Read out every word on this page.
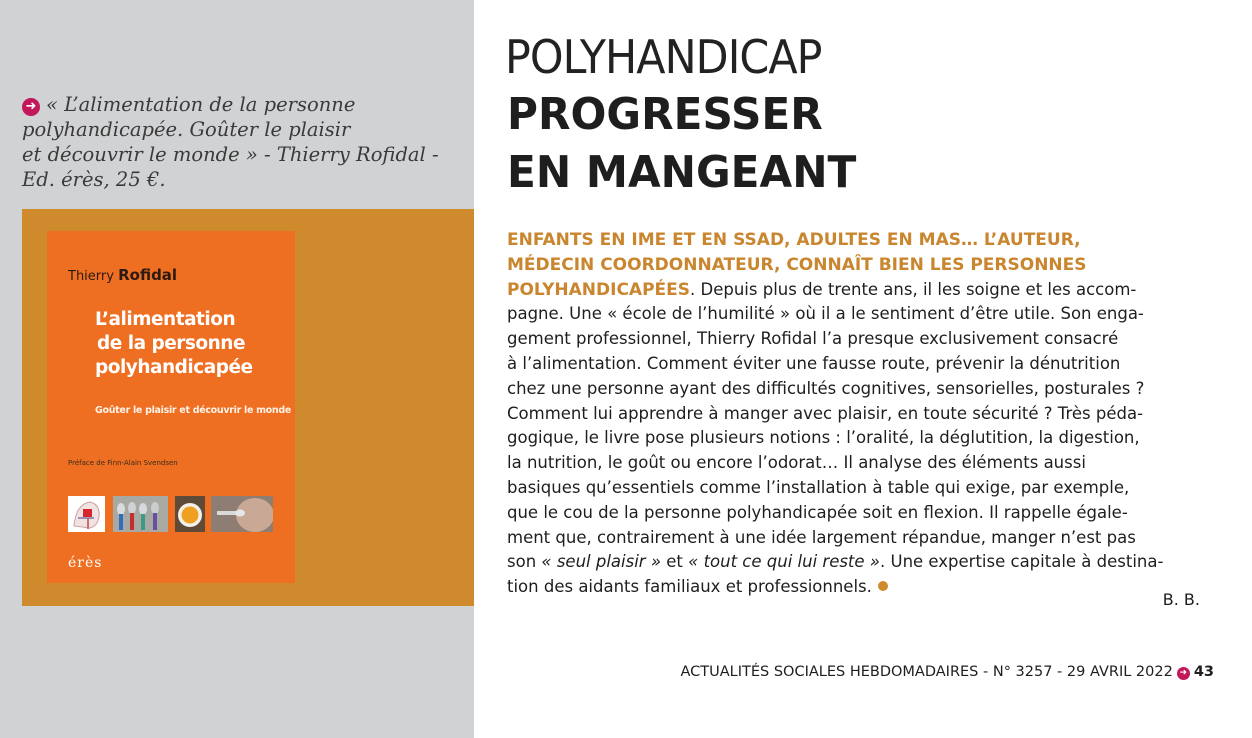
➜ « L’alimentation de la personne
polyhandicapée. Goûter le plaisir
et découvrir le monde » - Thierry Rofidal -
Ed. érès, 25 €.
Thierry Rofidal
L’alimentation
de la personne
polyhandicapée
Goûter le plaisir et découvrir le monde
Préface de Finn-Alain Svendsen
érès
POLYHANDICAP
PROGRESSER
EN MANGEANT
ENFANTS EN IME ET EN SSAD, ADULTES EN MAS… L’AUTEUR,
MÉDECIN COORDONNATEUR, CONNAÎT BIEN LES PERSONNES
POLYHANDICAPÉES. Depuis plus de trente ans, il les soigne et les accom-
pagne. Une « école de l’humilité » où il a le sentiment d’être utile. Son enga-
gement professionnel, Thierry Rofidal l’a presque exclusivement consacré
à l’alimentation. Comment éviter une fausse route, prévenir la dénutrition
chez une personne ayant des difficultés cognitives, sensorielles, posturales ?
Comment lui apprendre à manger avec plaisir, en toute sécurité ? Très péda-
gogique, le livre pose plusieurs notions : l’oralité, la déglutition, la digestion,
la nutrition, le goût ou encore l’odorat… Il analyse des éléments aussi
basiques qu’essentiels comme l’installation à table qui exige, par exemple,
que le cou de la personne polyhandicapée soit en flexion. Il rappelle égale-
ment que, contrairement à une idée largement répandue, manger n’est pas
son « seul plaisir » et « tout ce qui lui reste ». Une expertise capitale à destina-
tion des aidants familiaux et professionnels.
B. B.
ACTUALITÉS SOCIALES HEBDOMADAIRES - N° 3257 - 29 AVRIL 2022 ➜ 43
